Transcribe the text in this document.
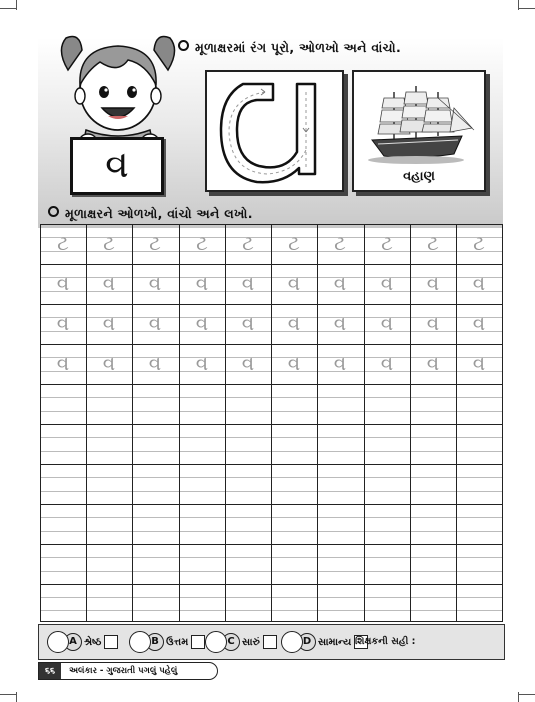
મૂળાક્ષરમાં રંગ પૂરો, ઓળખો અને વાંચો.
વ	વહાણ
મૂળાક્ષરને ઓળખો, વાંચો અને લખો.
ટ	ટ	ટ	ટ	ટ	ટ	ટ	ટ	ટ	ટ
વ	વ	વ	વ	વ	વ	વ	વ	વ	વ
વ	વ	વ	વ	વ	વ	વ	વ	વ	વ
વ	વ	વ	વ	વ	વ	વ	વ	વ	વ
A શ્રેષ્ઠ	B ઉત્તમ	C સારું	D સામાન્ય શિક્ષકની સહી :
૬૬	અલંકાર - ગુજરાતી પગલું પહેલું
